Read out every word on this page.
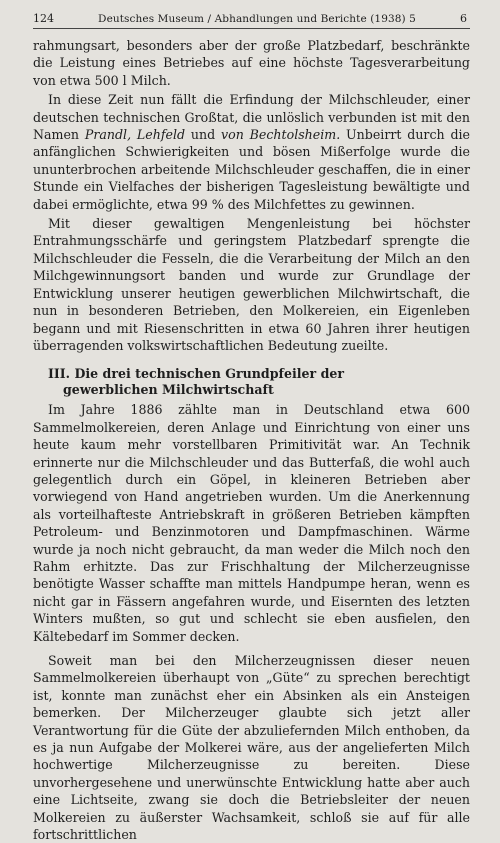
124	Deutsches Museum / Abhandlungen und Berichte (1938) 5	6

rahmungsart, besonders aber der große Platzbedarf, beschränkte die Leistung eines Betriebes auf eine höchste Tagesverarbeitung von etwa 500 l Milch.

In diese Zeit nun fällt die Erfindung der Milchschleuder, einer deutschen technischen Großtat, die unlöslich verbunden ist mit den Namen Prandl, Lehfeld und von Bechtolsheim. Unbeirrt durch die anfänglichen Schwierigkeiten und bösen Mißerfolge wurde die ununterbrochen arbeitende Milchschleuder geschaffen, die in einer Stunde ein Vielfaches der bisherigen Tagesleistung bewältigte und dabei ermöglichte, etwa 99 % des Milchfettes zu gewinnen.

Mit dieser gewaltigen Mengenleistung bei höchster Entrahmungsschärfe und geringstem Platzbedarf sprengte die Milchschleuder die Fesseln, die die Verarbeitung der Milch an den Milchgewinnungsort banden und wurde zur Grundlage der Entwicklung unserer heutigen gewerblichen Milchwirtschaft, die nun in besonderen Betrieben, den Molkereien, ein Eigenleben begann und mit Riesenschritten in etwa 60 Jahren ihrer heutigen überragenden volkswirtschaftlichen Bedeutung zueilte.

III. Die drei technischen Grundpfeiler der
gewerblichen Milchwirtschaft

Im Jahre 1886 zählte man in Deutschland etwa 600 Sammelmolkereien, deren Anlage und Einrichtung von einer uns heute kaum mehr vorstellbaren Primitivität war. An Technik erinnerte nur die Milchschleuder und das Butterfaß, die wohl auch gelegentlich durch ein Göpel, in kleineren Betrieben aber vorwiegend von Hand angetrieben wurden. Um die Anerkennung als vorteilhafteste Antriebskraft in größeren Betrieben kämpften Petroleum- und Benzinmotoren und Dampfmaschinen. Wärme wurde ja noch nicht gebraucht, da man weder die Milch noch den Rahm erhitzte. Das zur Frischhaltung der Milcherzeugnisse benötigte Wasser schaffte man mittels Handpumpe heran, wenn es nicht gar in Fässern angefahren wurde, und Eisernten des letzten Winters mußten, so gut und schlecht sie eben ausfielen, den Kältebedarf im Sommer decken.

Soweit man bei den Milcherzeugnissen dieser neuen Sammelmolkereien überhaupt von „Güte“ zu sprechen berechtigt ist, konnte man zunächst eher ein Absinken als ein Ansteigen bemerken. Der Milcherzeuger glaubte sich jetzt aller Verantwortung für die Güte der abzuliefernden Milch enthoben, da es ja nun Aufgabe der Molkerei wäre, aus der angelieferten Milch hochwertige Milcherzeugnisse zu bereiten. Diese unvorhergesehene und unerwünschte Entwicklung hatte aber auch eine Lichtseite, zwang sie doch die Betriebsleiter der neuen Molkereien zu äußerster Wachsamkeit, schloß sie auf für alle fortschrittlichen
